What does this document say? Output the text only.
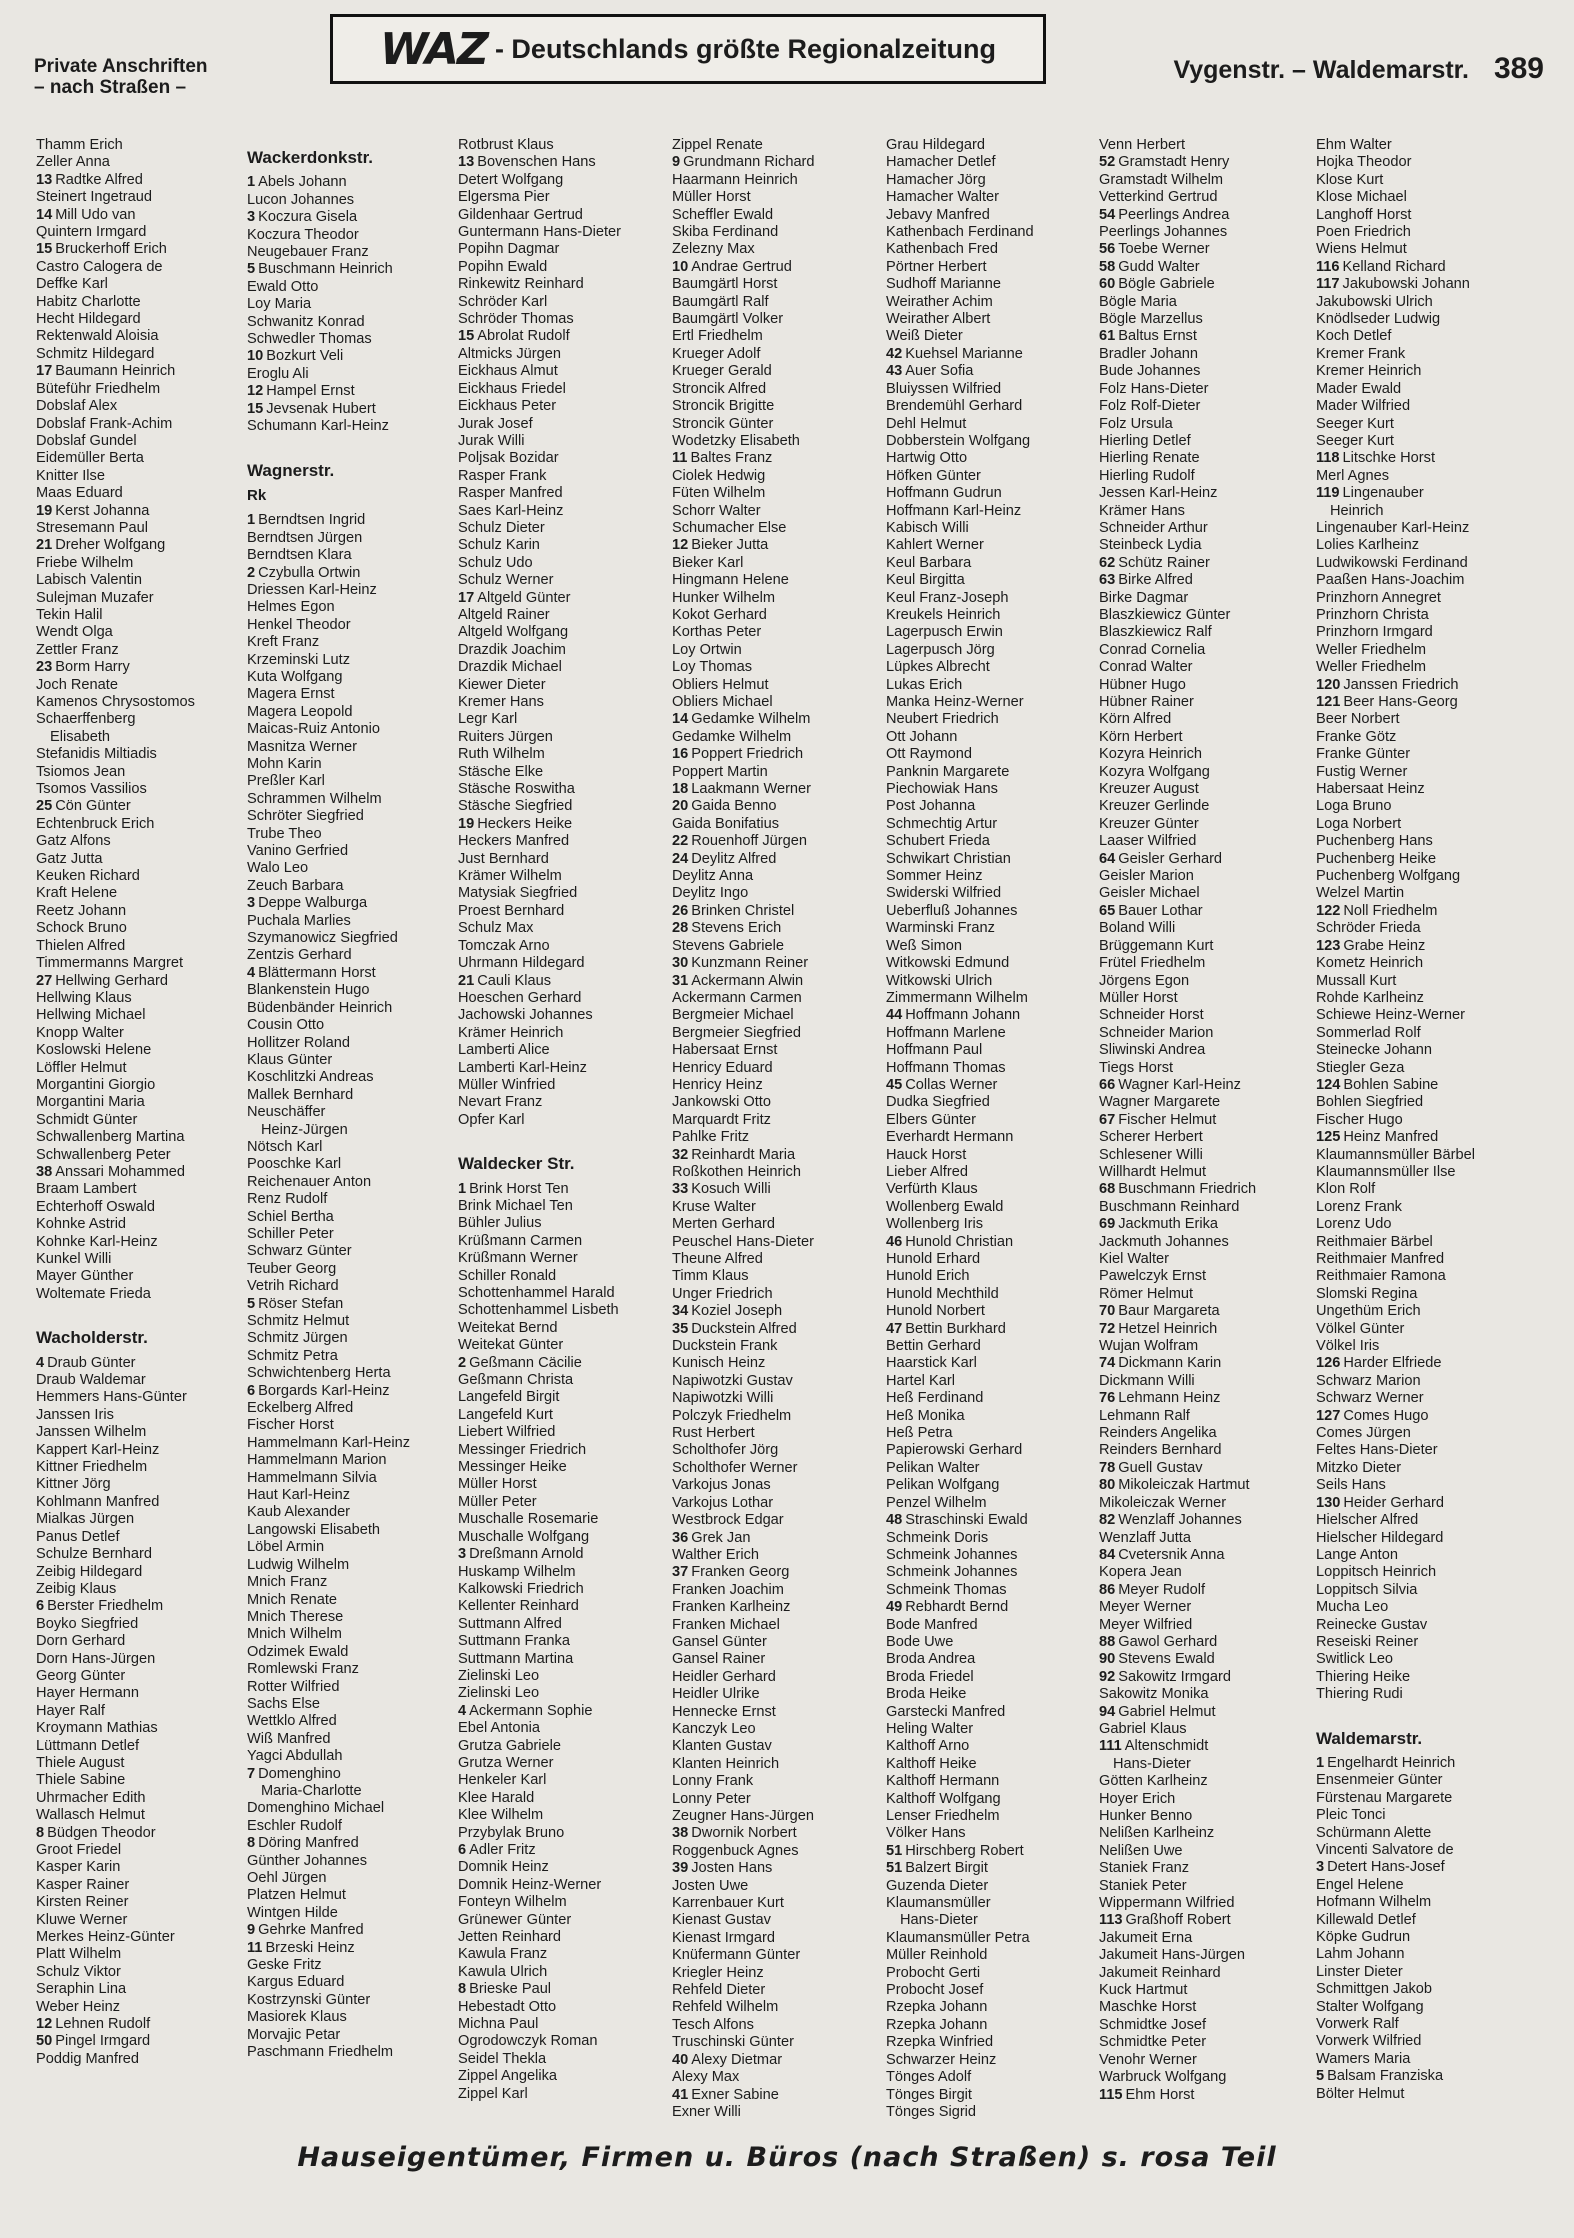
Private Anschriften
– nach Straßen –
WAZ - Deutschlands größte Regionalzeitung
Vygenstr. – Waldemarstr. 389
Thamm Erich
Zeller Anna
13 Radtke Alfred
Steinert Ingetraud
14 Mill Udo van
Quintern Irmgard
15 Bruckerhoff Erich
Castro Calogera de
Deffke Karl
Habitz Charlotte
Hecht Hildegard
Rektenwald Aloisia
Schmitz Hildegard
17 Baumann Heinrich
Büteführ Friedhelm
Dobslaf Alex
Dobslaf Frank-Achim
Dobslaf Gundel
Eidemüller Berta
Knitter Ilse
Maas Eduard
19 Kerst Johanna
Stresemann Paul
21 Dreher Wolfgang
Friebe Wilhelm
Labisch Valentin
Sulejman Muzafer
Tekin Halil
Wendt Olga
Zettler Franz
23 Borm Harry
Joch Renate
Kamenos Chrysostomos
Schaerffenberg
Elisabeth
Stefanidis Miltiadis
Tsiomos Jean
Tsomos Vassilios
25 Cön Günter
Echtenbruck Erich
Gatz Alfons
Gatz Jutta
Keuken Richard
Kraft Helene
Reetz Johann
Schock Bruno
Thielen Alfred
Timmermanns Margret
27 Hellwing Gerhard
Hellwing Klaus
Hellwing Michael
Knopp Walter
Koslowski Helene
Löffler Helmut
Morgantini Giorgio
Morgantini Maria
Schmidt Günter
Schwallenberg Martina
Schwallenberg Peter
38 Anssari Mohammed
Braam Lambert
Echterhoff Oswald
Kohnke Astrid
Kohnke Karl-Heinz
Kunkel Willi
Mayer Günther
Woltemate Frieda
Wacholderstr.
4 Draub Günter
Draub Waldemar
Hemmers Hans-Günter
Janssen Iris
Janssen Wilhelm
Kappert Karl-Heinz
Kittner Friedhelm
Kittner Jörg
Kohlmann Manfred
Mialkas Jürgen
Panus Detlef
Schulze Bernhard
Zeibig Hildegard
Zeibig Klaus
6 Berster Friedhelm
Boyko Siegfried
Dorn Gerhard
Dorn Hans-Jürgen
Georg Günter
Hayer Hermann
Hayer Ralf
Kroymann Mathias
Lüttmann Detlef
Thiele August
Thiele Sabine
Uhrmacher Edith
Wallasch Helmut
8 Büdgen Theodor
Groot Friedel
Kasper Karin
Kasper Rainer
Kirsten Reiner
Kluwe Werner
Merkes Heinz-Günter
Platt Wilhelm
Schulz Viktor
Seraphin Lina
Weber Heinz
12 Lehnen Rudolf
50 Pingel Irmgard
Poddig Manfred
Wackerdonkstr.
1 Abels Johann
Lucon Johannes
3 Koczura Gisela
Koczura Theodor
Neugebauer Franz
5 Buschmann Heinrich
Ewald Otto
Loy Maria
Schwanitz Konrad
Schwedler Thomas
10 Bozkurt Veli
Eroglu Ali
12 Hampel Ernst
15 Jevsenak Hubert
Schumann Karl-Heinz
Wagnerstr.
Rk
1 Berndtsen Ingrid
Berndtsen Jürgen
Berndtsen Klara
2 Czybulla Ortwin
Driessen Karl-Heinz
Helmes Egon
Henkel Theodor
Kreft Franz
Krzeminski Lutz
Kuta Wolfgang
Magera Ernst
Magera Leopold
Maicas-Ruiz Antonio
Masnitza Werner
Mohn Karin
Preßler Karl
Schrammen Wilhelm
Schröter Siegfried
Trube Theo
Vanino Gerfried
Walo Leo
Zeuch Barbara
3 Deppe Walburga
Puchala Marlies
Szymanowicz Siegfried
Zentzis Gerhard
4 Blättermann Horst
Blankenstein Hugo
Büdenbänder Heinrich
Cousin Otto
Hollitzer Roland
Klaus Günter
Koschlitzki Andreas
Mallek Bernhard
Neuschäffer
Heinz-Jürgen
Nötsch Karl
Pooschke Karl
Reichenauer Anton
Renz Rudolf
Schiel Bertha
Schiller Peter
Schwarz Günter
Teuber Georg
Vetrih Richard
5 Röser Stefan
Schmitz Helmut
Schmitz Jürgen
Schmitz Petra
Schwichtenberg Herta
6 Borgards Karl-Heinz
Eckelberg Alfred
Fischer Horst
Hammelmann Karl-Heinz
Hammelmann Marion
Hammelmann Silvia
Haut Karl-Heinz
Kaub Alexander
Langowski Elisabeth
Löbel Armin
Ludwig Wilhelm
Mnich Franz
Mnich Renate
Mnich Therese
Mnich Wilhelm
Odzimek Ewald
Romlewski Franz
Rotter Wilfried
Sachs Else
Wettklo Alfred
Wiß Manfred
Yagci Abdullah
7 Domenghino
Maria-Charlotte
Domenghino Michael
Eschler Rudolf
8 Döring Manfred
Günther Johannes
Oehl Jürgen
Platzen Helmut
Wintgen Hilde
9 Gehrke Manfred
11 Brzeski Heinz
Geske Fritz
Kargus Eduard
Kostrzynski Günter
Masiorek Klaus
Morvajic Petar
Paschmann Friedhelm
Rotbrust Klaus
13 Bovenschen Hans
Detert Wolfgang
Elgersma Pier
Gildenhaar Gertrud
Guntermann Hans-Dieter
Popihn Dagmar
Popihn Ewald
Rinkewitz Reinhard
Schröder Karl
Schröder Thomas
15 Abrolat Rudolf
Altmicks Jürgen
Eickhaus Almut
Eickhaus Friedel
Eickhaus Peter
Jurak Josef
Jurak Willi
Poljsak Bozidar
Rasper Frank
Rasper Manfred
Saes Karl-Heinz
Schulz Dieter
Schulz Karin
Schulz Udo
Schulz Werner
17 Altgeld Günter
Altgeld Rainer
Altgeld Wolfgang
Drazdik Joachim
Drazdik Michael
Kiewer Dieter
Kremer Hans
Legr Karl
Ruiters Jürgen
Ruth Wilhelm
Stäsche Elke
Stäsche Roswitha
Stäsche Siegfried
19 Heckers Heike
Heckers Manfred
Just Bernhard
Krämer Wilhelm
Matysiak Siegfried
Proest Bernhard
Schulz Max
Tomczak Arno
Uhrmann Hildegard
21 Cauli Klaus
Hoeschen Gerhard
Jachowski Johannes
Krämer Heinrich
Lamberti Alice
Lamberti Karl-Heinz
Müller Winfried
Nevart Franz
Opfer Karl
Waldecker Str.
1 Brink Horst Ten
Brink Michael Ten
Bühler Julius
Krüßmann Carmen
Krüßmann Werner
Schiller Ronald
Schottenhammel Harald
Schottenhammel Lisbeth
Weitekat Bernd
Weitekat Günter
2 Geßmann Cäcilie
Geßmann Christa
Langefeld Birgit
Langefeld Kurt
Liebert Wilfried
Messinger Friedrich
Messinger Heike
Müller Horst
Müller Peter
Muschalle Rosemarie
Muschalle Wolfgang
3 Dreßmann Arnold
Huskamp Wilhelm
Kalkowski Friedrich
Kellenter Reinhard
Suttmann Alfred
Suttmann Franka
Suttmann Martina
Zielinski Leo
Zielinski Leo
4 Ackermann Sophie
Ebel Antonia
Grutza Gabriele
Grutza Werner
Henkeler Karl
Klee Harald
Klee Wilhelm
Przybylak Bruno
6 Adler Fritz
Domnik Heinz
Domnik Heinz-Werner
Fonteyn Wilhelm
Grünewег Günter
Jetten Reinhard
Kawula Franz
Kawula Ulrich
8 Brieske Paul
Hebestadt Otto
Michna Paul
Ogrodowczyk Roman
Seidel Thekla
Zippel Angelika
Zippel Karl
Zippel Renate
9 Grundmann Richard
Haarmann Heinrich
Müller Horst
Scheffler Ewald
Skiba Ferdinand
Zelezny Max
10 Andrae Gertrud
Baumgärtl Horst
Baumgärtl Ralf
Baumgärtl Volker
Ertl Friedhelm
Krueger Adolf
Krueger Gerald
Stroncik Alfred
Stroncik Brigitte
Stroncik Günter
Wodetzky Elisabeth
11 Baltes Franz
Ciolek Hedwig
Füten Wilhelm
Schorr Walter
Schumacher Else
12 Bieker Jutta
Bieker Karl
Hingmann Helene
Hunker Wilhelm
Kokot Gerhard
Korthas Peter
Loy Ortwin
Loy Thomas
Obliers Helmut
Obliers Michael
14 Gedamke Wilhelm
Gedamke Wilhelm
16 Poppert Friedrich
Poppert Martin
18 Laakmann Werner
20 Gaida Benno
Gaida Bonifatius
22 Rouenhoff Jürgen
24 Deylitz Alfred
Deylitz Anna
Deylitz Ingo
26 Brinken Christel
28 Stevens Erich
Stevens Gabriele
30 Kunzmann Reiner
31 Ackermann Alwin
Ackermann Carmen
Bergmeier Michael
Bergmeier Siegfried
Habersaat Ernst
Henricy Eduard
Henricy Heinz
Jankowski Otto
Marquardt Fritz
Pahlke Fritz
32 Reinhardt Maria
Roßkothen Heinrich
33 Kosuch Willi
Kruse Walter
Merten Gerhard
Peuschel Hans-Dieter
Theune Alfred
Timm Klaus
Unger Friedrich
34 Koziel Joseph
35 Duckstein Alfred
Duckstein Frank
Kunisch Heinz
Napiwotzki Gustav
Napiwotzki Willi
Polczyk Friedhelm
Rust Herbert
Scholthofer Jörg
Scholthofer Werner
Varkojus Jonas
Varkojus Lothar
Westbrock Edgar
36 Grek Jan
Walther Erich
37 Franken Georg
Franken Joachim
Franken Karlheinz
Franken Michael
Gansel Günter
Gansel Rainer
Heidler Gerhard
Heidler Ulrike
Hennecke Ernst
Kanczyk Leo
Klanten Gustav
Klanten Heinrich
Lonny Frank
Lonny Peter
Zeugner Hans-Jürgen
38 Dwornik Norbert
Roggenbuck Agnes
39 Josten Hans
Josten Uwe
Karrenbauer Kurt
Kienast Gustav
Kienast Irmgard
Knüfermann Günter
Kriegler Heinz
Rehfeld Dieter
Rehfeld Wilhelm
Tesch Alfons
Truschinski Günter
40 Alexy Dietmar
Alexy Max
41 Exner Sabine
Exner Willi
Grau Hildegard
Hamacher Detlef
Hamacher Jörg
Hamacher Walter
Jebavy Manfred
Kathenbach Ferdinand
Kathenbach Fred
Pörtner Herbert
Sudhoff Marianne
Weirather Achim
Weirather Albert
Weiß Dieter
42 Kuehsel Marianne
43 Auer Sofia
Bluiyssen Wilfried
Brendemühl Gerhard
Dehl Helmut
Dobberstein Wolfgang
Hartwig Otto
Höfken Günter
Hoffmann Gudrun
Hoffmann Karl-Heinz
Kabisch Willi
Kahlert Werner
Keul Barbara
Keul Birgitta
Keul Franz-Joseph
Kreukels Heinrich
Lagerpusch Erwin
Lagerpusch Jörg
Lüpkes Albrecht
Lukas Erich
Manka Heinz-Werner
Neubert Friedrich
Ott Johann
Ott Raymond
Panknin Margarete
Piechowiak Hans
Post Johanna
Schmechtig Artur
Schubert Frieda
Schwikart Christian
Sommer Heinz
Swiderski Wilfried
Ueberfluß Johannes
Warminski Franz
Weß Simon
Witkowski Edmund
Witkowski Ulrich
Zimmermann Wilhelm
44 Hoffmann Johann
Hoffmann Marlene
Hoffmann Paul
Hoffmann Thomas
45 Collas Werner
Dudka Siegfried
Elbers Günter
Everhardt Hermann
Hauck Horst
Lieber Alfred
Verfürth Klaus
Wollenberg Ewald
Wollenberg Iris
46 Hunold Christian
Hunold Erhard
Hunold Erich
Hunold Mechthild
Hunold Norbert
47 Bettin Burkhard
Bettin Gerhard
Haarstick Karl
Hartel Karl
Heß Ferdinand
Heß Monika
Heß Petra
Papierowski Gerhard
Pelikan Walter
Pelikan Wolfgang
Penzel Wilhelm
48 Straschinski Ewald
Schmeink Doris
Schmeink Johannes
Schmeink Johannes
Schmeink Thomas
49 Rebhardt Bernd
Bode Manfred
Bode Uwe
Broda Andrea
Broda Friedel
Broda Heike
Garstecki Manfred
Heling Walter
Kalthoff Arno
Kalthoff Heike
Kalthoff Hermann
Kalthoff Wolfgang
Lenser Friedhelm
Völker Hans
51 Hirschberg Robert
51 Balzert Birgit
Guzenda Dieter
Klaumansmüller
Hans-Dieter
Klaumansmüller Petra
Müller Reinhold
Probocht Gerti
Probocht Josef
Rzepka Johann
Rzepka Johann
Rzepka Winfried
Schwarzer Heinz
Tönges Adolf
Tönges Birgit
Tönges Sigrid
Venn Herbert
52 Gramstadt Henry
Gramstadt Wilhelm
Vetterkind Gertrud
54 Peerlings Andrea
Peerlings Johannes
56 Toebe Werner
58 Gudd Walter
60 Bögle Gabriele
Bögle Maria
Bögle Marzellus
61 Baltus Ernst
Bradler Johann
Bude Johannes
Folz Hans-Dieter
Folz Rolf-Dieter
Folz Ursula
Hierling Detlef
Hierling Renate
Hierling Rudolf
Jessen Karl-Heinz
Krämer Hans
Schneider Arthur
Steinbeck Lydia
62 Schütz Rainer
63 Birke Alfred
Birke Dagmar
Blaszkiewicz Günter
Blaszkiewicz Ralf
Conrad Cornelia
Conrad Walter
Hübner Hugo
Hübner Rainer
Körn Alfred
Körn Herbert
Kozyra Heinrich
Kozyra Wolfgang
Kreuzer August
Kreuzer Gerlinde
Kreuzer Günter
Laaser Wilfried
64 Geisler Gerhard
Geisler Marion
Geisler Michael
65 Bauer Lothar
Boland Willi
Brüggemann Kurt
Frütel Friedhelm
Jörgens Egon
Müller Horst
Schneider Horst
Schneider Marion
Sliwinski Andrea
Tiegs Horst
66 Wagner Karl-Heinz
Wagner Margarete
67 Fischer Helmut
Scherer Herbert
Schlesener Willi
Willhardt Helmut
68 Buschmann Friedrich
Buschmann Reinhard
69 Jackmuth Erika
Jackmuth Johannes
Kiel Walter
Pawelczyk Ernst
Römer Helmut
70 Baur Margareta
72 Hetzel Heinrich
Wujan Wolfram
74 Dickmann Karin
Dickmann Willi
76 Lehmann Heinz
Lehmann Ralf
Reinders Angelika
Reinders Bernhard
78 Guell Gustav
80 Mikoleiczak Hartmut
Mikoleiczak Werner
82 Wenzlaff Johannes
Wenzlaff Jutta
84 Cvetersnik Anna
Kopera Jean
86 Meyer Rudolf
Meyer Werner
Meyer Wilfried
88 Gawol Gerhard
90 Stevens Ewald
92 Sakowitz Irmgard
Sakowitz Monika
94 Gabriel Helmut
Gabriel Klaus
111 Altenschmidt
Hans-Dieter
Götten Karlheinz
Hoyer Erich
Hunker Benno
Nelißen Karlheinz
Nelißen Uwe
Staniek Franz
Staniek Peter
Wippermann Wilfried
113 Graßhoff Robert
Jakumeit Erna
Jakumeit Hans-Jürgen
Jakumeit Reinhard
Kuck Hartmut
Maschke Horst
Schmidtke Josef
Schmidtke Peter
Venohr Werner
Warbruck Wolfgang
115 Ehm Horst
Ehm Walter
Hojka Theodor
Klose Kurt
Klose Michael
Langhoff Horst
Poen Friedrich
Wiens Helmut
116 Kelland Richard
117 Jakubowski Johann
Jakubowski Ulrich
Knödlseder Ludwig
Koch Detlef
Kremer Frank
Kremer Heinrich
Mader Ewald
Mader Wilfried
Seeger Kurt
Seeger Kurt
118 Litschke Horst
Merl Agnes
119 Lingenauber
Heinrich
Lingenauber Karl-Heinz
Lolies Karlheinz
Ludwikowski Ferdinand
Paaßen Hans-Joachim
Prinzhorn Annegret
Prinzhorn Christa
Prinzhorn Irmgard
Weller Friedhelm
Weller Friedhelm
120 Janssen Friedrich
121 Beer Hans-Georg
Beer Norbert
Franke Götz
Franke Günter
Fustig Werner
Habersaat Heinz
Loga Bruno
Loga Norbert
Puchenberg Hans
Puchenberg Heike
Puchenberg Wolfgang
Welzel Martin
122 Noll Friedhelm
Schröder Frieda
123 Grabe Heinz
Kometz Heinrich
Mussall Kurt
Rohde Karlheinz
Schiewe Heinz-Werner
Sommerlad Rolf
Steinecke Johann
Stiegler Geza
124 Bohlen Sabine
Bohlen Siegfried
Fischer Hugo
125 Heinz Manfred
Klaumannsmüller Bärbel
Klaumannsmüller Ilse
Klon Rolf
Lorenz Frank
Lorenz Udo
Reithmaier Bärbel
Reithmaier Manfred
Reithmaier Ramona
Slomski Regina
Ungethüm Erich
Völkel Günter
Völkel Iris
126 Harder Elfriede
Schwarz Marion
Schwarz Werner
127 Comes Hugo
Comes Jürgen
Feltes Hans-Dieter
Mitzko Dieter
Seils Hans
130 Heider Gerhard
Hielscher Alfred
Hielscher Hildegard
Lange Anton
Loppitsch Heinrich
Loppitsch Silvia
Mucha Leo
Reinecke Gustav
Reseiski Reiner
Switlick Leo
Thiering Heike
Thiering Rudi
Waldemarstr.
1 Engelhardt Heinrich
Ensenmeier Günter
Fürstenau Margarete
Pleic Tonci
Schürmann Alette
Vincenti Salvatore de
3 Detert Hans-Josef
Engel Helene
Hofmann Wilhelm
Killewald Detlef
Köpke Gudrun
Lahm Johann
Linster Dieter
Schmittgen Jakob
Stalter Wolfgang
Vorwerk Ralf
Vorwerk Wilfried
Wamers Maria
5 Balsam Franziska
Bölter Helmut
Hauseigentümer, Firmen u. Büros (nach Straßen) s. rosa Teil
